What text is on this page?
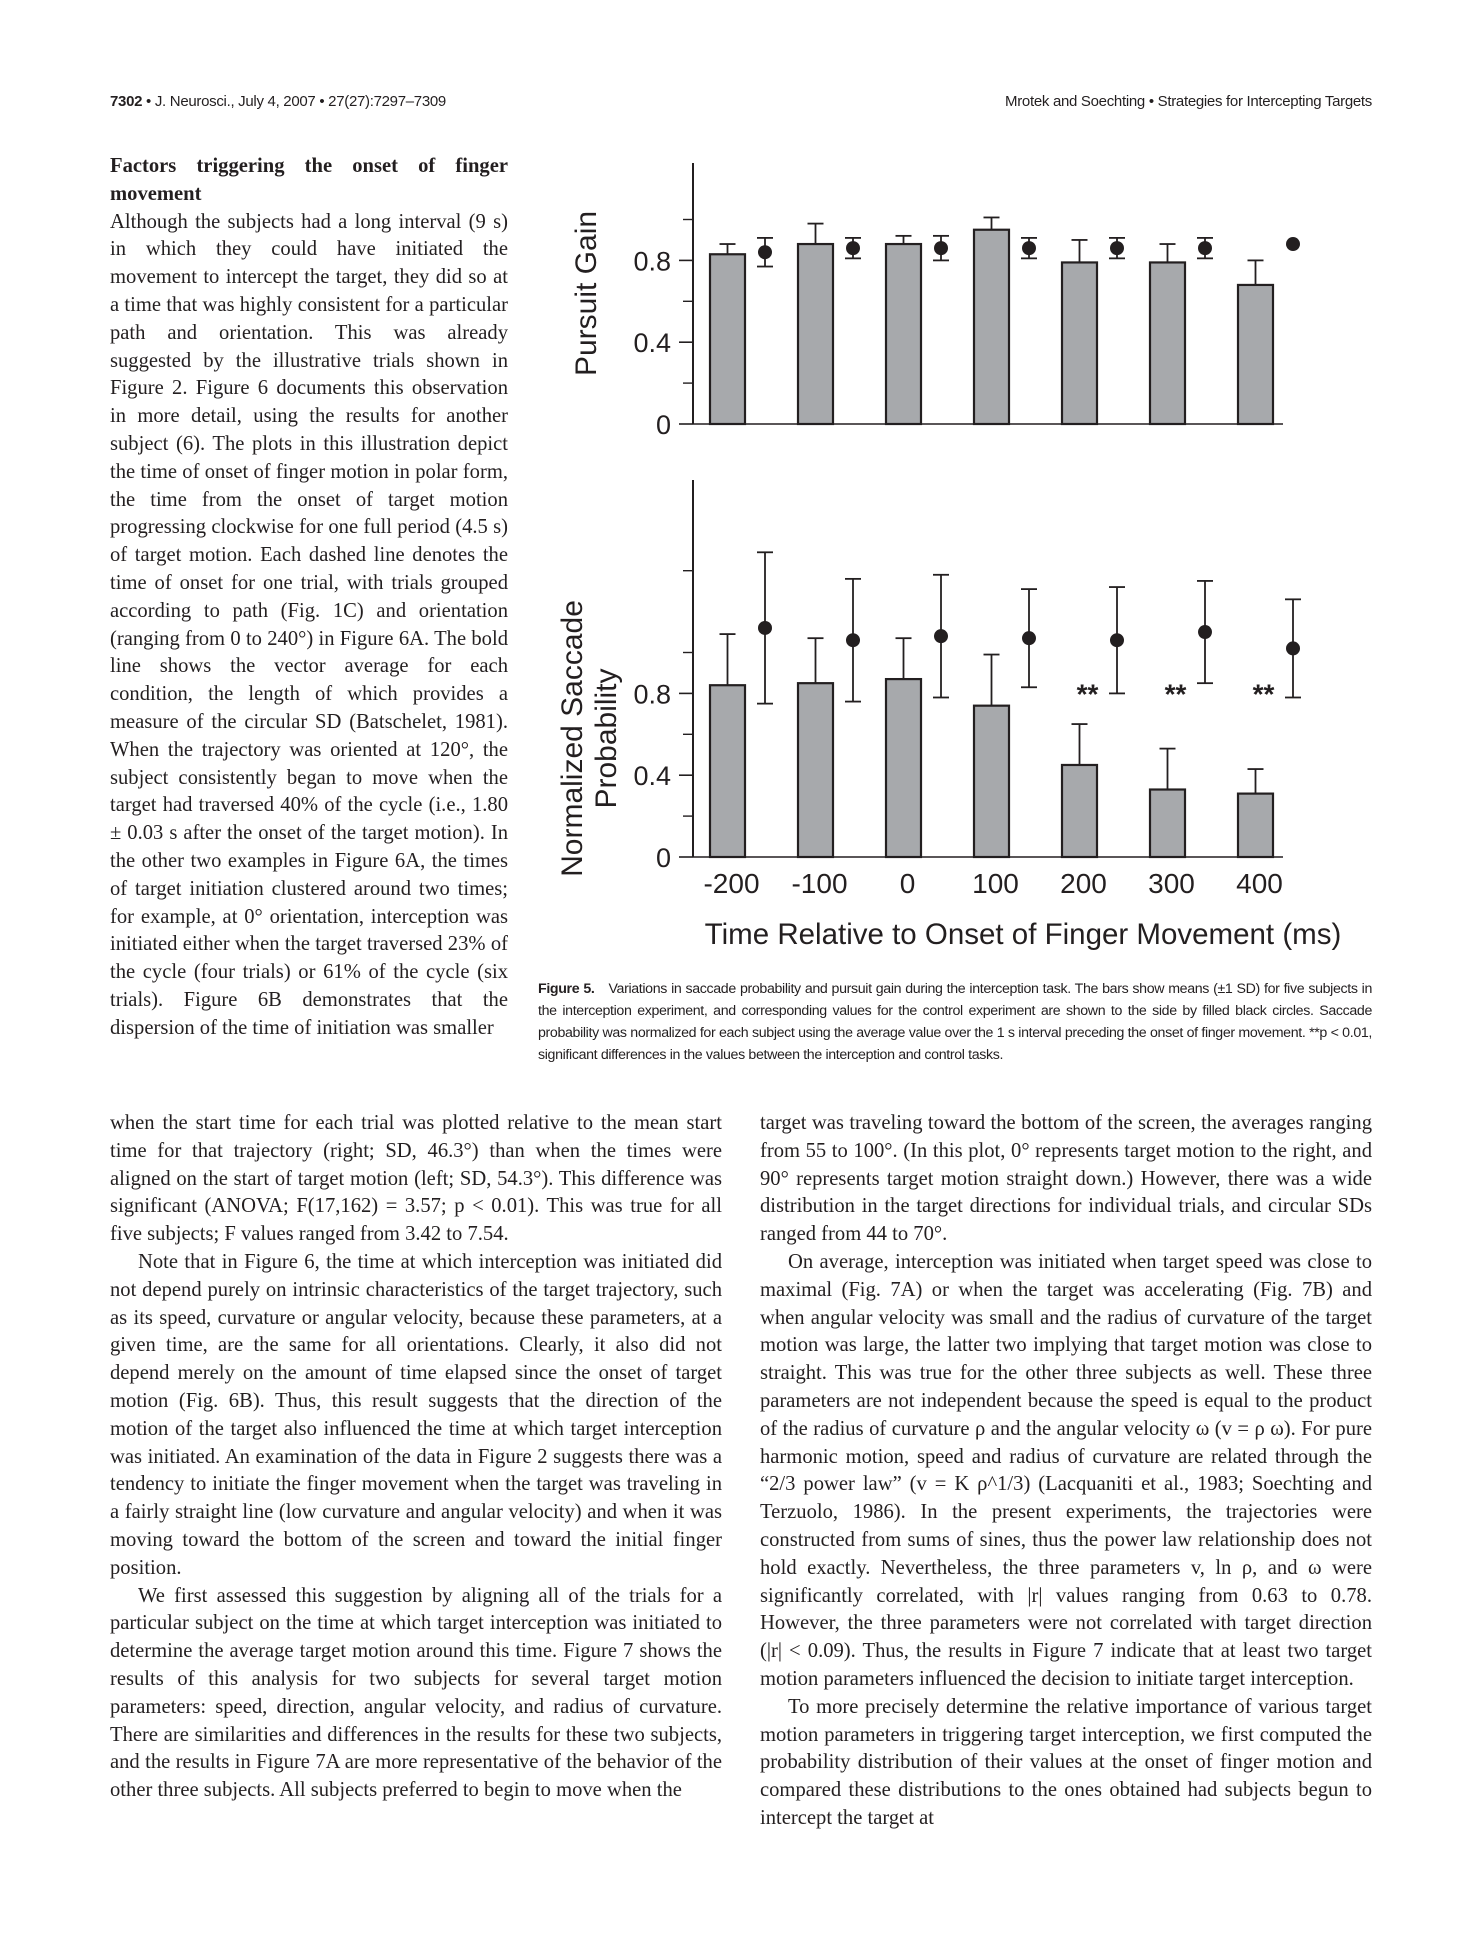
7302 • J. Neurosci., July 4, 2007 • 27(27):7297–7309	Mrotek and Soechting • Strategies for Intercepting Targets

Factors triggering the onset of finger movement

Although the subjects had a long interval (9 s) in which they could have initiated the movement to intercept the target, they did so at a time that was highly consistent for a particular path and orientation. This was already suggested by the illustrative trials shown in Figure 2. Figure 6 documents this observation in more detail, using the results for another subject (6). The plots in this illustration depict the time of onset of finger motion in polar form, the time from the onset of target motion progressing clockwise for one full period (4.5 s) of target motion. Each dashed line denotes the time of onset for one trial, with trials grouped according to path (Fig. 1C) and orientation (ranging from 0 to 240°) in Figure 6A. The bold line shows the vector average for each condition, the length of which provides a measure of the circular SD (Batschelet, 1981). When the trajectory was oriented at 120°, the subject consistently began to move when the target had traversed 40% of the cycle (i.e., 1.80 ± 0.03 s after the onset of the target motion). In the other two examples in Figure 6A, the times of target initiation clustered around two times; for example, at 0° orientation, interception was initiated either when the target traversed 23% of the cycle (four trials) or 61% of the cycle (six trials). Figure 6B demonstrates that the dispersion of the time of initiation was smaller

0
0.4
0.8
Pursuit Gain
0
0.4
0.8
Normalized Saccade Probability
-200 -100 0 100
**
200
**
300
**
400
Time Relative to Onset of Finger Movement (ms)
Figure 5. Variations in saccade probability and pursuit gain during the interception task. The bars show means (±1 SD) for five subjects in the interception experiment, and corresponding values for the control experiment are shown to the side by filled black circles. Saccade probability was normalized for each subject using the average value over the 1 s interval preceding the onset of finger movement. **p < 0.01, significant differences in the values between the interception and control tasks.

when the start time for each trial was plotted relative to the mean start time for that trajectory (right; SD, 46.3°) than when the times were aligned on the start of target motion (left; SD, 54.3°). This difference was significant (ANOVA; F(17,162) = 3.57; p < 0.01). This was true for all five subjects; F values ranged from 3.42 to 7.54.

Note that in Figure 6, the time at which interception was initiated did not depend purely on intrinsic characteristics of the target trajectory, such as its speed, curvature or angular velocity, because these parameters, at a given time, are the same for all orientations. Clearly, it also did not depend merely on the amount of time elapsed since the onset of target motion (Fig. 6B). Thus, this result suggests that the direction of the motion of the target also influenced the time at which target interception was initiated. An examination of the data in Figure 2 suggests there was a tendency to initiate the finger movement when the target was traveling in a fairly straight line (low curvature and angular velocity) and when it was moving toward the bottom of the screen and toward the initial finger position.

We first assessed this suggestion by aligning all of the trials for a particular subject on the time at which target interception was initiated to determine the average target motion around this time. Figure 7 shows the results of this analysis for two subjects for several target motion parameters: speed, direction, angular velocity, and radius of curvature. There are similarities and differences in the results for these two subjects, and the results in Figure 7A are more representative of the behavior of the other three subjects. All subjects preferred to begin to move when the

target was traveling toward the bottom of the screen, the averages ranging from 55 to 100°. (In this plot, 0° represents target motion to the right, and 90° represents target motion straight down.) However, there was a wide distribution in the target directions for individual trials, and circular SDs ranged from 44 to 70°.

On average, interception was initiated when target speed was close to maximal (Fig. 7A) or when the target was accelerating (Fig. 7B) and when angular velocity was small and the radius of curvature of the target motion was large, the latter two implying that target motion was close to straight. This was true for the other three subjects as well. These three parameters are not independent because the speed is equal to the product of the radius of curvature ρ and the angular velocity ω (v = ρ ω). For pure harmonic motion, speed and radius of curvature are related through the “2/3 power law” (v = K ρ^1/3) (Lacquaniti et al., 1983; Soechting and Terzuolo, 1986). In the present experiments, the trajectories were constructed from sums of sines, thus the power law relationship does not hold exactly. Nevertheless, the three parameters v, ln ρ, and ω were significantly correlated, with |r| values ranging from 0.63 to 0.78. However, the three parameters were not correlated with target direction (|r| < 0.09). Thus, the results in Figure 7 indicate that at least two target motion parameters influenced the decision to initiate target interception.

To more precisely determine the relative importance of various target motion parameters in triggering target interception, we first computed the probability distribution of their values at the onset of finger motion and compared these distributions to the ones obtained had subjects begun to intercept the target at
